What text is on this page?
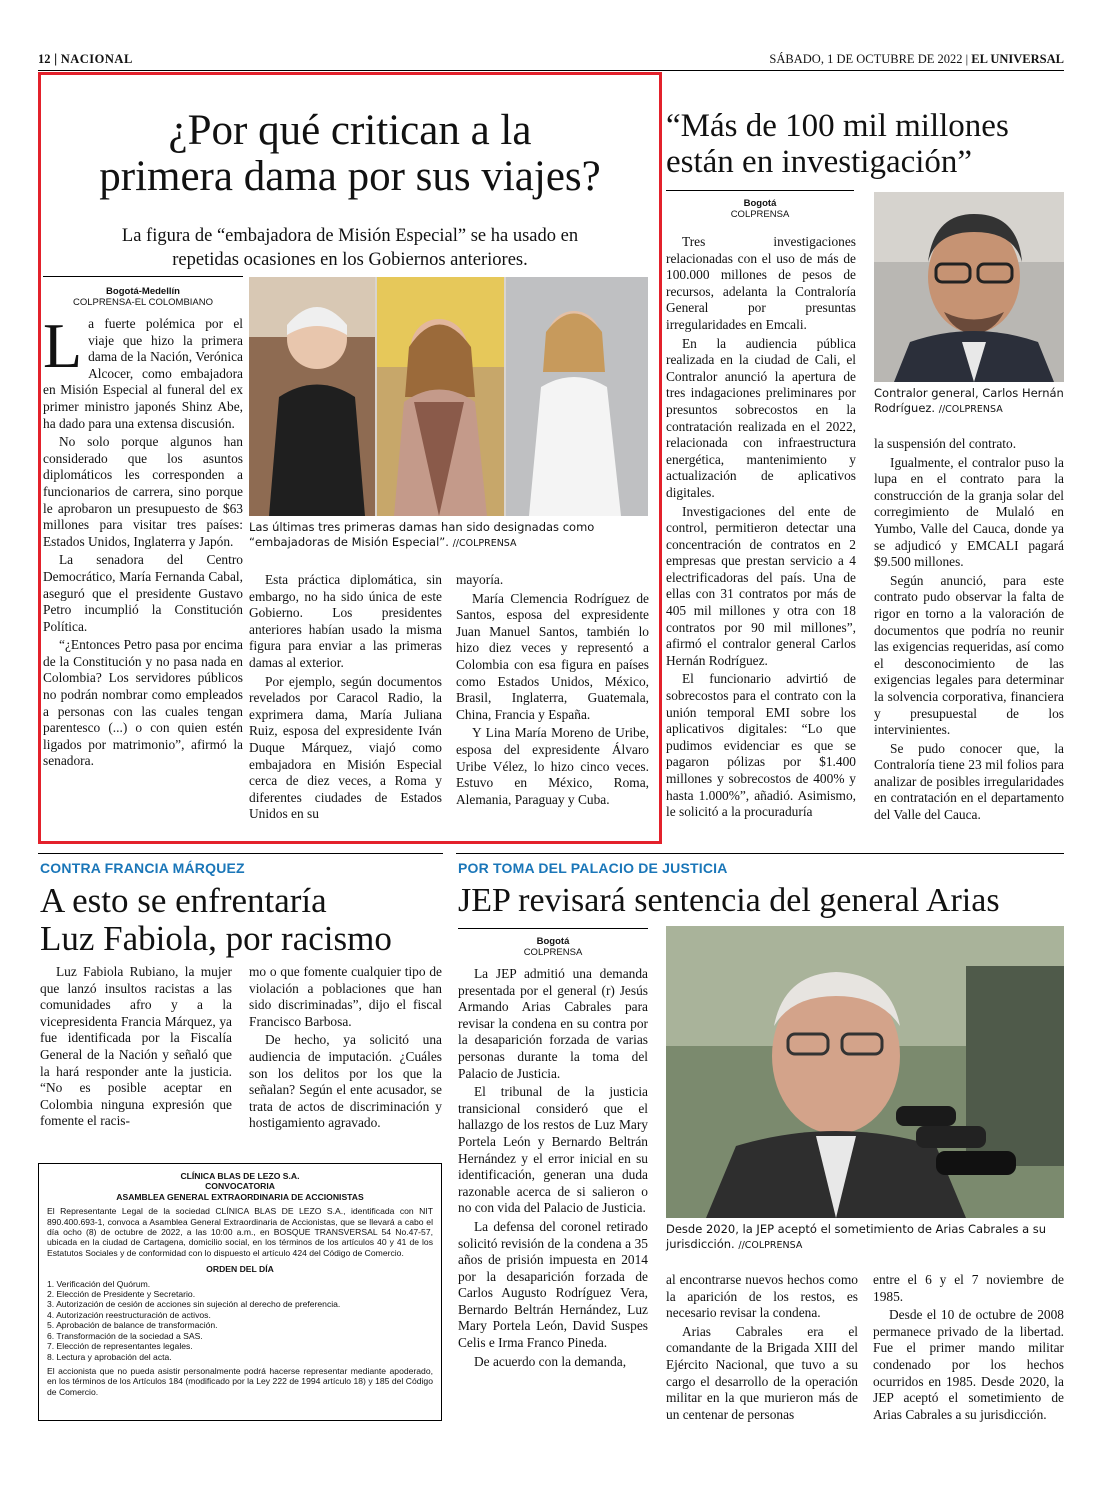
12 | NACIONAL	SÁBADO, 1 DE OCTUBRE DE 2022 | EL UNIVERSAL
¿Por qué critican a la
primera dama por sus viajes?
La figura de “embajadora de Misión Especial” se ha usado en
repetidas ocasiones en los Gobiernos anteriores.
Bogotá-Medellín
COLPRENSA-EL COLOMBIANO

La fuerte polémica por el viaje que hizo la primera dama de la Nación, Verónica Alcocer, como embajadora en Misión Especial al funeral del ex primer ministro japonés Shinz Abe, ha dado para una extensa discusión.

No solo porque algunos han considerado que los asuntos diplomáticos les corresponden a funcionarios de carrera, sino porque le aprobaron un presupuesto de $63 millones para visitar tres países: Estados Unidos, Inglaterra y Japón.

La senadora del Centro Democrático, María Fernanda Cabal, aseguró que el presidente Gustavo Petro incumplió la Constitución Política.

“¿Entonces Petro pasa por encima de la Constitución y no pasa nada en Colombia? Los servidores públicos no podrán nombrar como empleados a personas con las cuales tengan parentesco (...) o con quien estén ligados por matrimonio”, afirmó la senadora.

Las últimas tres primeras damas han sido designadas como “embajadoras de Misión Especial”. //COLPRENSA

Esta práctica diplomática, sin embargo, no ha sido única de este Gobierno. Los presidentes anteriores habían usado la misma figura para enviar a las primeras damas al exterior.

Por ejemplo, según documentos revelados por Caracol Radio, la exprimera dama, María Juliana Ruiz, esposa del expresidente Iván Duque Márquez, viajó como embajadora en Misión Especial cerca de diez veces, a Roma y diferentes ciudades de Estados Unidos en su

mayoría.

María Clemencia Rodríguez de Santos, esposa del expresidente Juan Manuel Santos, también lo hizo diez veces y representó a Colombia con esa figura en países como Estados Unidos, México, Brasil, Inglaterra, Guatemala, China, Francia y España.

Y Lina María Moreno de Uribe, esposa del expresidente Álvaro Uribe Vélez, lo hizo cinco veces. Estuvo en México, Roma, Alemania, Paraguay y Cuba.

“Más de 100 mil millones
están en investigación”
Bogotá
COLPRENSA

Tres investigaciones relacionadas con el uso de más de 100.000 millones de pesos de recursos, adelanta la Contraloría General por presuntas irregularidades en Emcali.

En la audiencia pública realizada en la ciudad de Cali, el Contralor anunció la apertura de tres indagaciones preliminares por presuntos sobrecostos en la contratación realizada en el 2022, relacionada con infraestructura energética, mantenimiento y actualización de aplicativos digitales.

Investigaciones del ente de control, permitieron detectar una concentración de contratos en 2 empresas que prestan servicio a 4 electrificadoras del país. Una de ellas con 31 contratos por más de 405 mil millones y otra con 18 contratos por 90 mil millones”, afirmó el contralor general Carlos Hernán Rodríguez.

El funcionario advirtió de sobrecostos para el contrato con la unión temporal EMI sobre los aplicativos digitales: “Lo que pudimos evidenciar es que se pagaron pólizas por $1.400 millones y sobrecostos de 400% y hasta 1.000%”, añadió. Asimismo, le solicitó a la procuraduría

Contralor general, Carlos Hernán Rodríguez. //COLPRENSA

la suspensión del contrato.

Igualmente, el contralor puso la lupa en el contrato para la construcción de la granja solar del corregimiento de Mulaló en Yumbo, Valle del Cauca, donde ya se adjudicó y EMCALI pagará $9.500 millones.

Según anunció, para este contrato pudo observar la falta de rigor en torno a la valoración de documentos que podría no reunir las exigencias requeridas, así como el desconocimiento de las exigencias legales para determinar la solvencia corporativa, financiera y presupuestal de los intervinientes.

Se pudo conocer que, la Contraloría tiene 23 mil folios para analizar de posibles irregularidades en contratación en el departamento del Valle del Cauca.

CONTRA FRANCIA MÁRQUEZ
A esto se enfrentaría
Luz Fabiola, por racismo

Luz Fabiola Rubiano, la mujer que lanzó insultos racistas a las comunidades afro y a la vicepresidenta Francia Márquez, ya fue identificada por la Fiscalía General de la Nación y señaló que la hará responder ante la justicia. “No es posible aceptar en Colombia ninguna expresión que fomente el racis-

mo o que fomente cualquier tipo de violación a poblaciones que han sido discriminadas”, dijo el fiscal Francisco Barbosa.

De hecho, ya solicitó una audiencia de imputación. ¿Cuáles son los delitos por los que la señalan? Según el ente acusador, se trata de actos de discriminación y hostigamiento agravado.

CLÍNICA BLAS DE LEZO S.A.
CONVOCATORIA
ASAMBLEA GENERAL EXTRAORDINARIA DE ACCIONISTAS

El Representante Legal de la sociedad CLÍNICA BLAS DE LEZO S.A., identificada con NIT 890.400.693-1, convoca a Asamblea General Extraordinaria de Accionistas, que se llevará a cabo el día ocho (8) de octubre de 2022, a las 10:00 a.m., en BOSQUE TRANSVERSAL 54 No.47-57, ubicada en la ciudad de Cartagena, domicilio social, en los términos de los artículos 40 y 41 de los Estatutos Sociales y de conformidad con lo dispuesto el artículo 424 del Código de Comercio.

ORDEN DEL DÍA
1. Verificación del Quórum.
2. Elección de Presidente y Secretario.
3. Autorización de cesión de acciones sin sujeción al derecho de preferencia.
4. Autorización reestructuración de activos.
5. Aprobación de balance de transformación.
6. Transformación de la sociedad a SAS.
7. Elección de representantes legales.
8. Lectura y aprobación del acta.

El accionista que no pueda asistir personalmente podrá hacerse representar mediante apoderado, en los términos de los Artículos 184 (modificado por la Ley 222 de 1994 artículo 18) y 185 del Código de Comercio.

POR TOMA DEL PALACIO DE JUSTICIA
JEP revisará sentencia del general Arias
Bogotá
COLPRENSA

La JEP admitió una demanda presentada por el general (r) Jesús Armando Arias Cabrales para revisar la condena en su contra por la desaparición forzada de varias personas durante la toma del Palacio de Justicia.

El tribunal de la justicia transicional consideró que el hallazgo de los restos de Luz Mary Portela León y Bernardo Beltrán Hernández y el error inicial en su identificación, generan una duda razonable acerca de si salieron o no con vida del Palacio de Justicia.

La defensa del coronel retirado solicitó revisión de la condena a 35 años de prisión impuesta en 2014 por la desaparición forzada de Carlos Augusto Rodríguez Vera, Bernardo Beltrán Hernández, Luz Mary Portela León, David Suspes Celis e Irma Franco Pineda.

De acuerdo con la demanda,

Desde 2020, la JEP aceptó el sometimiento de Arias Cabrales a su jurisdicción. //COLPRENSA

al encontrarse nuevos hechos como la aparición de los restos, es necesario revisar la condena.

Arias Cabrales era el comandante de la Brigada XIII del Ejército Nacional, que tuvo a su cargo el desarrollo de la operación militar en la que murieron más de un centenar de personas

entre el 6 y el 7 noviembre de 1985.

Desde el 10 de octubre de 2008 permanece privado de la libertad. Fue el primer mando militar condenado por los hechos ocurridos en 1985. Desde 2020, la JEP aceptó el sometimiento de Arias Cabrales a su jurisdicción.
